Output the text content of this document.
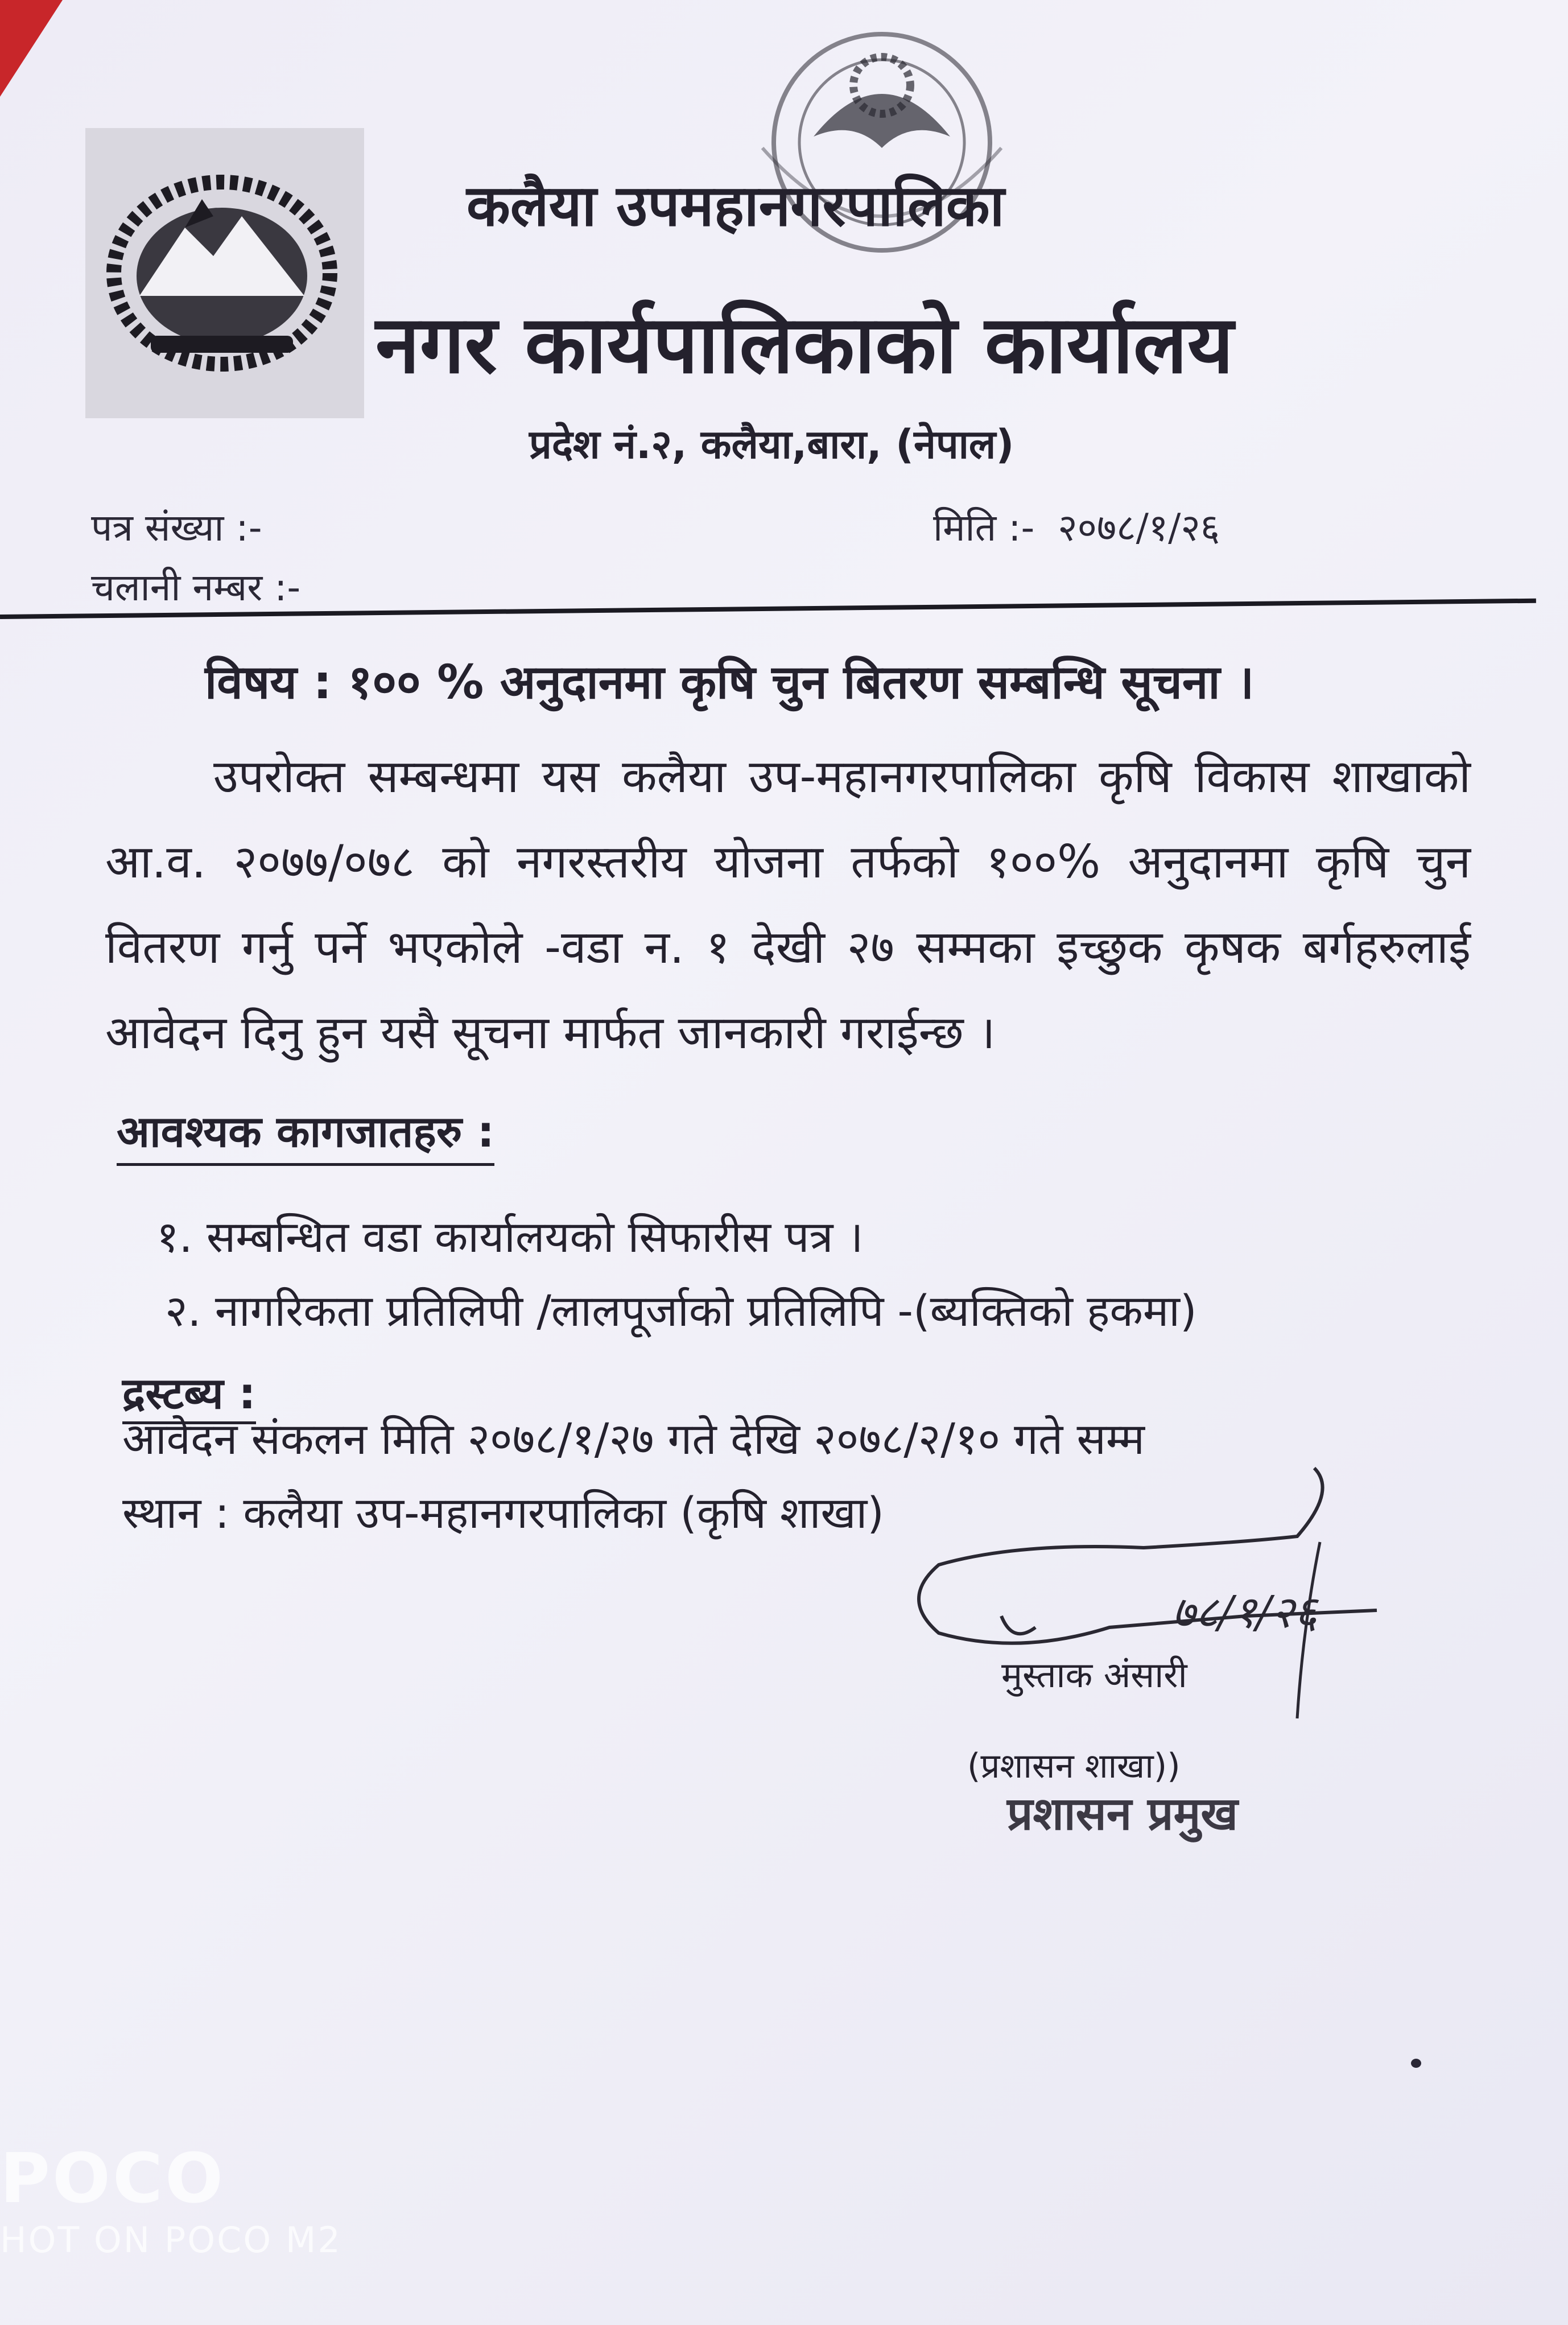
कलैया उपमहानगरपालिका
नगर कार्यपालिकाको कार्यालय
प्रदेश नं.२, कलैया,बारा, (नेपाल)
पत्र संख्या :-
चलानी नम्बर :-
मिति :- २०७८/१/२६
विषय : १०० % अनुदानमा कृषि चुन बितरण सम्बन्धि सूचना ।
उपरोक्त सम्बन्धमा यस कलैया उप-महानगरपालिका कृषि विकास शाखाको आ.व. २०७७/०७८ को नगरस्तरीय योजना तर्फको १००% अनुदानमा कृषि चुन वितरण गर्नु पर्ने भएकोले -वडा न. १ देखी २७ सम्मका इच्छुक कृषक बर्गहरुलाई आवेदन दिनु हुन यसै सूचना मार्फत जानकारी गराईन्छ ।
आवश्यक कागजातहरु :
१. सम्बन्धित वडा कार्यालयको सिफारीस पत्र ।
२. नागरिकता प्रतिलिपी /लालपूर्जाको प्रतिलिपि -(ब्यक्तिको हकमा)
द्रस्टब्य :
आवेदन संकलन मिति २०७८/१/२७ गते देखि २०७८/२/१० गते सम्म
स्थान : कलैया उप-महानगरपालिका (कृषि शाखा)
७८/१/२६
मुस्ताक अंसारी
(प्रशासन शाखा))
प्रशासन प्रमुख
POCO
HOT ON POCO M2
